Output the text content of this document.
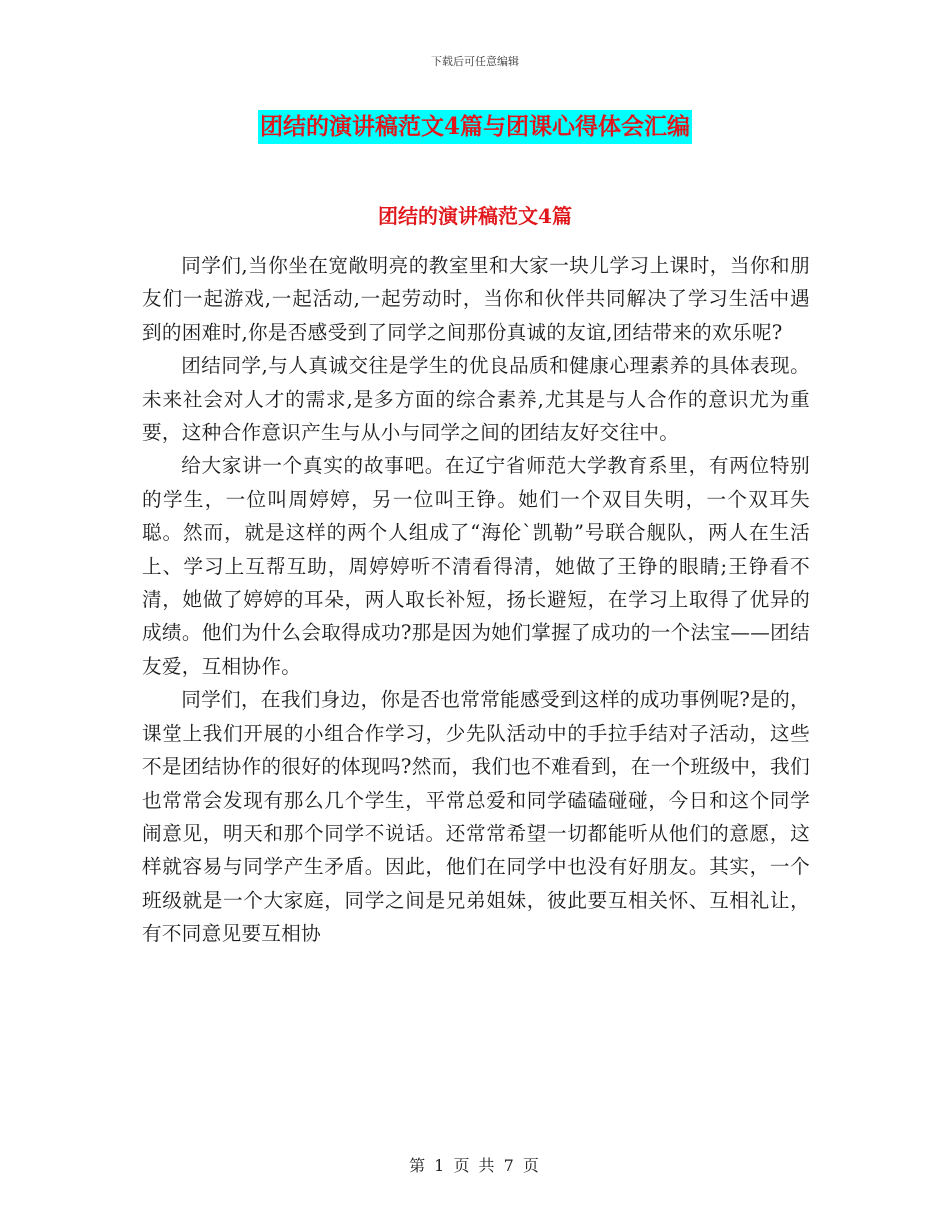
下载后可任意编辑
团结的演讲稿范文4篇与团课心得体会汇编
团结的演讲稿范文4篇

同学们,当你坐在宽敞明亮的教室里和大家一块儿学习上课时，当你和朋友们一起游戏,一起活动,一起劳动时，当你和伙伴共同解决了学习生活中遇到的困难时,你是否感受到了同学之间那份真诚的友谊,团结带来的欢乐呢?

团结同学,与人真诚交往是学生的优良品质和健康心理素养的具体表现。未来社会对人才的需求,是多方面的综合素养,尤其是与人合作的意识尤为重要，这种合作意识产生与从小与同学之间的团结友好交往中。

给大家讲一个真实的故事吧。在辽宁省师范大学教育系里，有两位特别的学生，一位叫周婷婷，另一位叫王铮。她们一个双目失明，一个双耳失聪。然而，就是这样的两个人组成了“海伦`凯勒”号联合舰队，两人在生活上、学习上互帮互助，周婷婷听不清看得清，她做了王铮的眼睛;王铮看不清，她做了婷婷的耳朵，两人取长补短，扬长避短，在学习上取得了优异的成绩。他们为什么会取得成功?那是因为她们掌握了成功的一个法宝——团结友爱，互相协作。

同学们，在我们身边，你是否也常常能感受到这样的成功事例呢?是的，课堂上我们开展的小组合作学习，少先队活动中的手拉手结对子活动，这些不是团结协作的很好的体现吗?然而，我们也不难看到，在一个班级中，我们也常常会发现有那么几个学生，平常总爱和同学磕磕碰碰，今日和这个同学闹意见，明天和那个同学不说话。还常常希望一切都能听从他们的意愿，这样就容易与同学产生矛盾。因此，他们在同学中也没有好朋友。其实，一个班级就是一个大家庭，同学之间是兄弟姐妹，彼此要互相关怀、互相礼让，有不同意见要互相协

第 1 页 共 7 页
